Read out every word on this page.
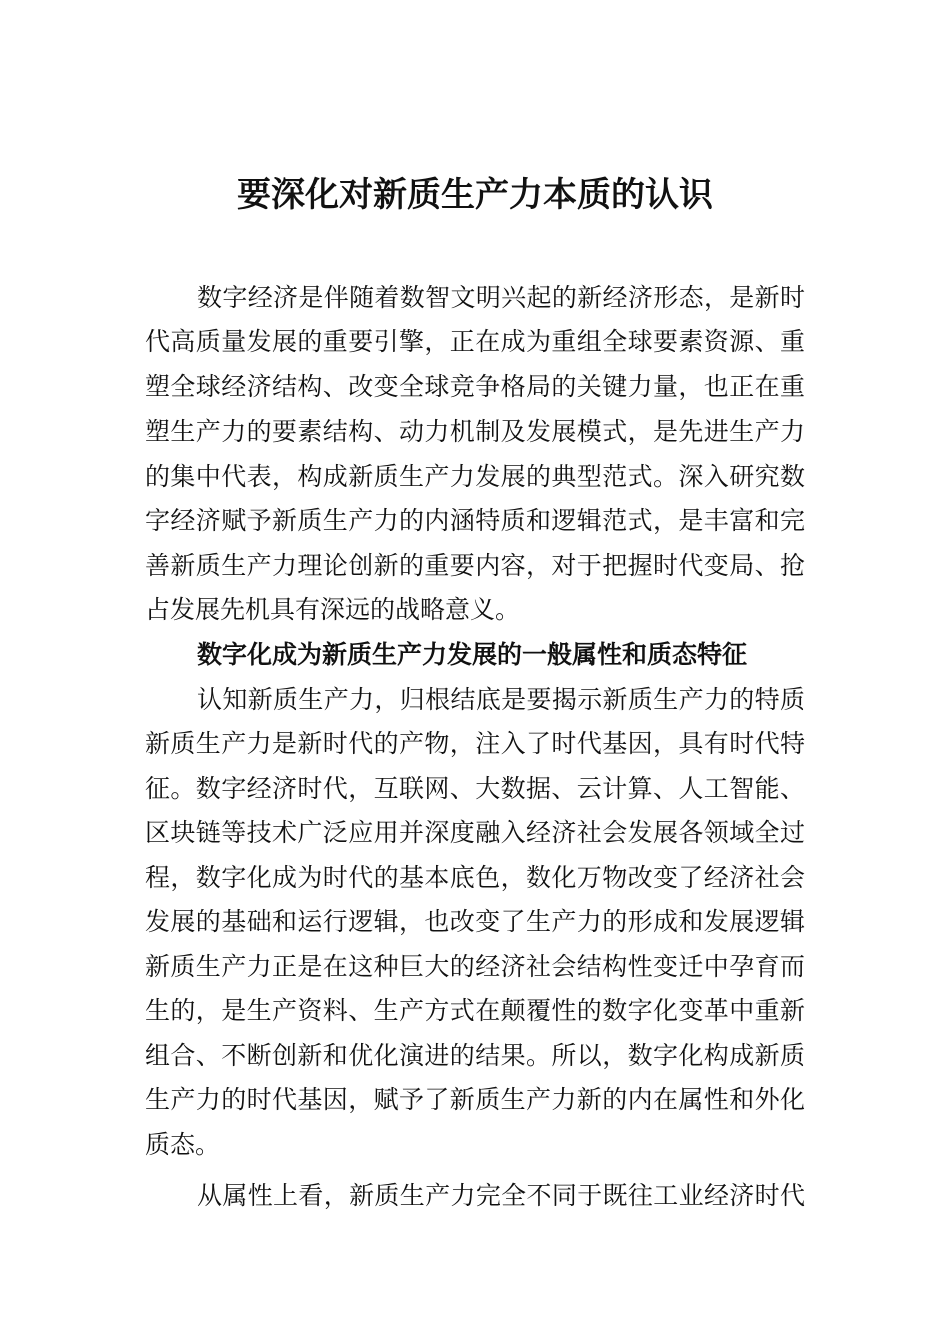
要深化对新质生产力本质的认识
数字经济是伴随着数智文明兴起的新经济形态，是新时
代高质量发展的重要引擎，正在成为重组全球要素资源、重
塑全球经济结构、改变全球竞争格局的关键力量，也正在重
塑生产力的要素结构、动力机制及发展模式，是先进生产力
的集中代表，构成新质生产力发展的典型范式。深入研究数
字经济赋予新质生产力的内涵特质和逻辑范式，是丰富和完
善新质生产力理论创新的重要内容，对于把握时代变局、抢
占发展先机具有深远的战略意义。
数字化成为新质生产力发展的一般属性和质态特征
认知新质生产力，归根结底是要揭示新质生产力的特质
新质生产力是新时代的产物，注入了时代基因，具有时代特
征。数字经济时代，互联网、大数据、云计算、人工智能、
区块链等技术广泛应用并深度融入经济社会发展各领域全过
程，数字化成为时代的基本底色，数化万物改变了经济社会
发展的基础和运行逻辑，也改变了生产力的形成和发展逻辑
新质生产力正是在这种巨大的经济社会结构性变迁中孕育而
生的，是生产资料、生产方式在颠覆性的数字化变革中重新
组合、不断创新和优化演进的结果。所以，数字化构成新质
生产力的时代基因，赋予了新质生产力新的内在属性和外化
质态。
从属性上看，新质生产力完全不同于既往工业经济时代
